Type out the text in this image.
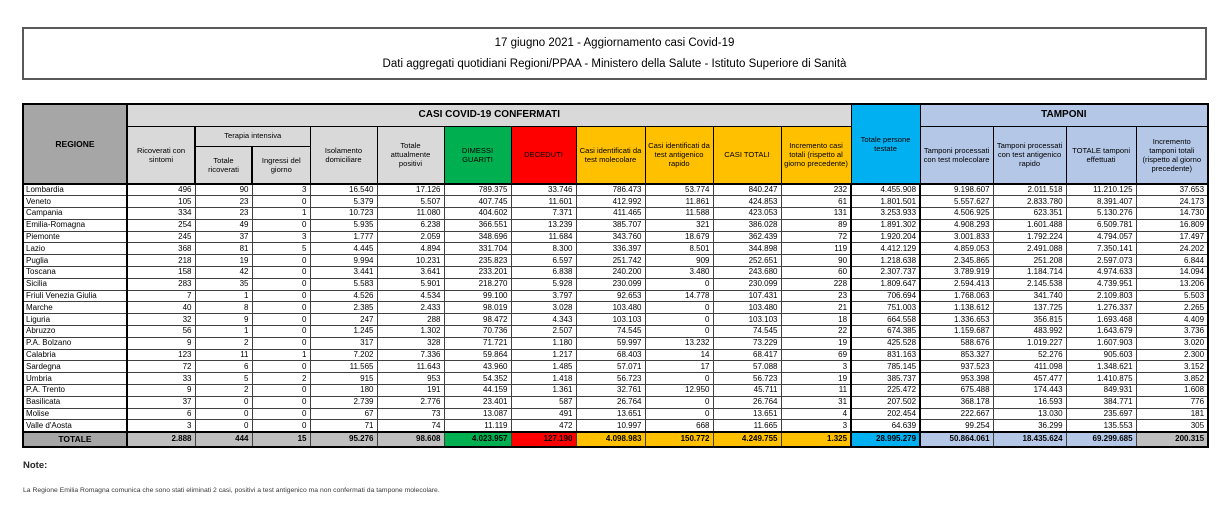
17 giugno 2021 - Aggiornamento casi Covid-19
Dati aggregati quotidiani Regioni/PPAA - Ministero della Salute - Istituto Superiore di Sanità
REGIONE	CASI COVID-19 CONFERMATI											Totale persone testate	TAMPONI			
	Ricoverati con sintomi	Terapia intensiva		Isolamento domiciliare	Totale attualmente positivi	DIMESSI GUARITI	DECEDUTI	Casi identificati da test molecolare	Casi identificati da test antigenico rapido	CASI TOTALI	Incremento casi totali (rispetto al giorno precedente)		Tamponi processati con test molecolare	Tamponi processati con test antigenico rapido	TOTALE tamponi effettuati	Incremento tamponi totali (rispetto al giorno precedente)
		Totale ricoverati	Ingressi del giorno													
Lombardia	496	90	3	16.540	17.126	789.375	33.746	786.473	53.774	840.247	232	4.455.908	9.198.607	2.011.518	11.210.125	37.653
Veneto	105	23	0	5.379	5.507	407.745	11.601	412.992	11.861	424.853	61	1.801.501	5.557.627	2.833.780	8.391.407	24.173
Campania	334	23	1	10.723	11.080	404.602	7.371	411.465	11.588	423.053	131	3.253.933	4.506.925	623.351	5.130.276	14.730
Emilia-Romagna	254	49	0	5.935	6.238	366.551	13.239	385.707	321	386.028	89	1.891.302	4.908.293	1.601.488	6.509.781	16.809
Piemonte	245	37	3	1.777	2.059	348.696	11.684	343.760	18.679	362.439	72	1.920.204	3.001.833	1.792.224	4.794.057	17.497
Lazio	368	81	5	4.445	4.894	331.704	8.300	336.397	8.501	344.898	119	4.412.129	4.859.053	2.491.088	7.350.141	24.202
Puglia	218	19	0	9.994	10.231	235.823	6.597	251.742	909	252.651	90	1.218.638	2.345.865	251.208	2.597.073	6.844
Toscana	158	42	0	3.441	3.641	233.201	6.838	240.200	3.480	243.680	60	2.307.737	3.789.919	1.184.714	4.974.633	14.094
Sicilia	283	35	0	5.583	5.901	218.270	5.928	230.099	0	230.099	228	1.809.647	2.594.413	2.145.538	4.739.951	13.206
Friuli Venezia Giulia	7	1	0	4.526	4.534	99.100	3.797	92.653	14.778	107.431	23	706.694	1.768.063	341.740	2.109.803	5.503
Marche	40	8	0	2.385	2.433	98.019	3.028	103.480	0	103.480	21	751.003	1.138.612	137.725	1.276.337	2.265
Liguria	32	9	0	247	288	98.472	4.343	103.103	0	103.103	18	664.558	1.336.653	356.815	1.693.468	4.409
Abruzzo	56	1	0	1.245	1.302	70.736	2.507	74.545	0	74.545	22	674.385	1.159.687	483.992	1.643.679	3.736
P.A. Bolzano	9	2	0	317	328	71.721	1.180	59.997	13.232	73.229	19	425.528	588.676	1.019.227	1.607.903	3.020
Calabria	123	11	1	7.202	7.336	59.864	1.217	68.403	14	68.417	69	831.163	853.327	52.276	905.603	2.300
Sardegna	72	6	0	11.565	11.643	43.960	1.485	57.071	17	57.088	3	785.145	937.523	411.098	1.348.621	3.152
Umbria	33	5	2	915	953	54.352	1.418	56.723	0	56.723	19	385.737	953.398	457.477	1.410.875	3.852
P.A. Trento	9	2	0	180	191	44.159	1.361	32.761	12.950	45.711	11	225.472	675.488	174.443	849.931	1.608
Basilicata	37	0	0	2.739	2.776	23.401	587	26.764	0	26.764	31	207.502	368.178	16.593	384.771	776
Molise	6	0	0	67	73	13.087	491	13.651	0	13.651	4	202.454	222.667	13.030	235.697	181
Valle d'Aosta	3	0	0	71	74	11.119	472	10.997	668	11.665	3	64.639	99.254	36.299	135.553	305
TOTALE	2.888	444	15	95.276	98.608	4.023.957	127.190	4.098.983	150.772	4.249.755	1.325	28.995.279	50.864.061	18.435.624	69.299.685	200.315
Note:
La Regione Emilia Romagna comunica che sono stati eliminati 2 casi, positivi a test antigenico ma non confermati da tampone molecolare.
